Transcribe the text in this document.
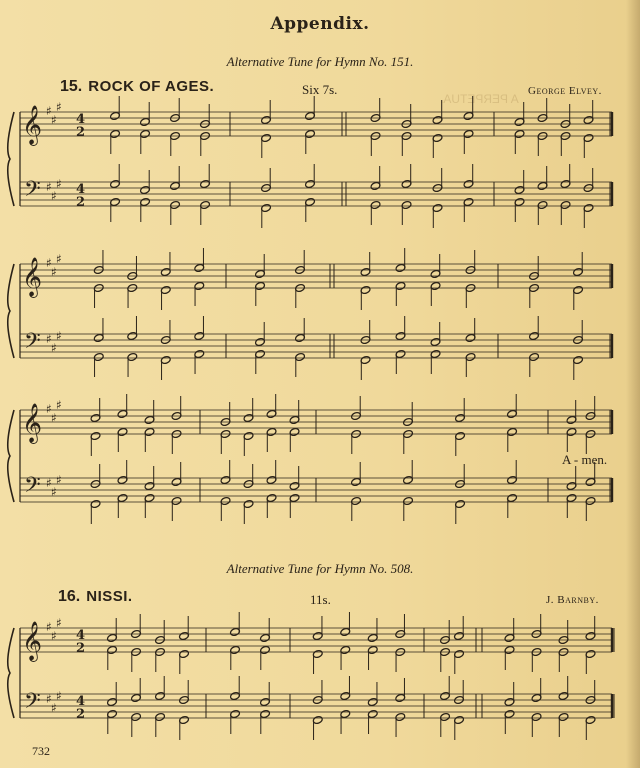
A PERPETUA.
Appendix.
Alternative Tune for Hymn No. 151.
15. ROCK OF AGES.	Six 7s.	George Elvey.
A - men.
Alternative Tune for Hymn No. 508.
16. NISSI.	11s.	J. Barnby.
732
𝄞
𝄢
♯
♯
♯
♯
♯
♯
4
2
4
2
𝄞
𝄢
♯
♯
♯
♯
♯
♯
𝄞
𝄢
♯
♯
♯
♯
♯
♯
𝄞
𝄢
♯
♯
♯
♯
♯
♯
4
2
4
2
